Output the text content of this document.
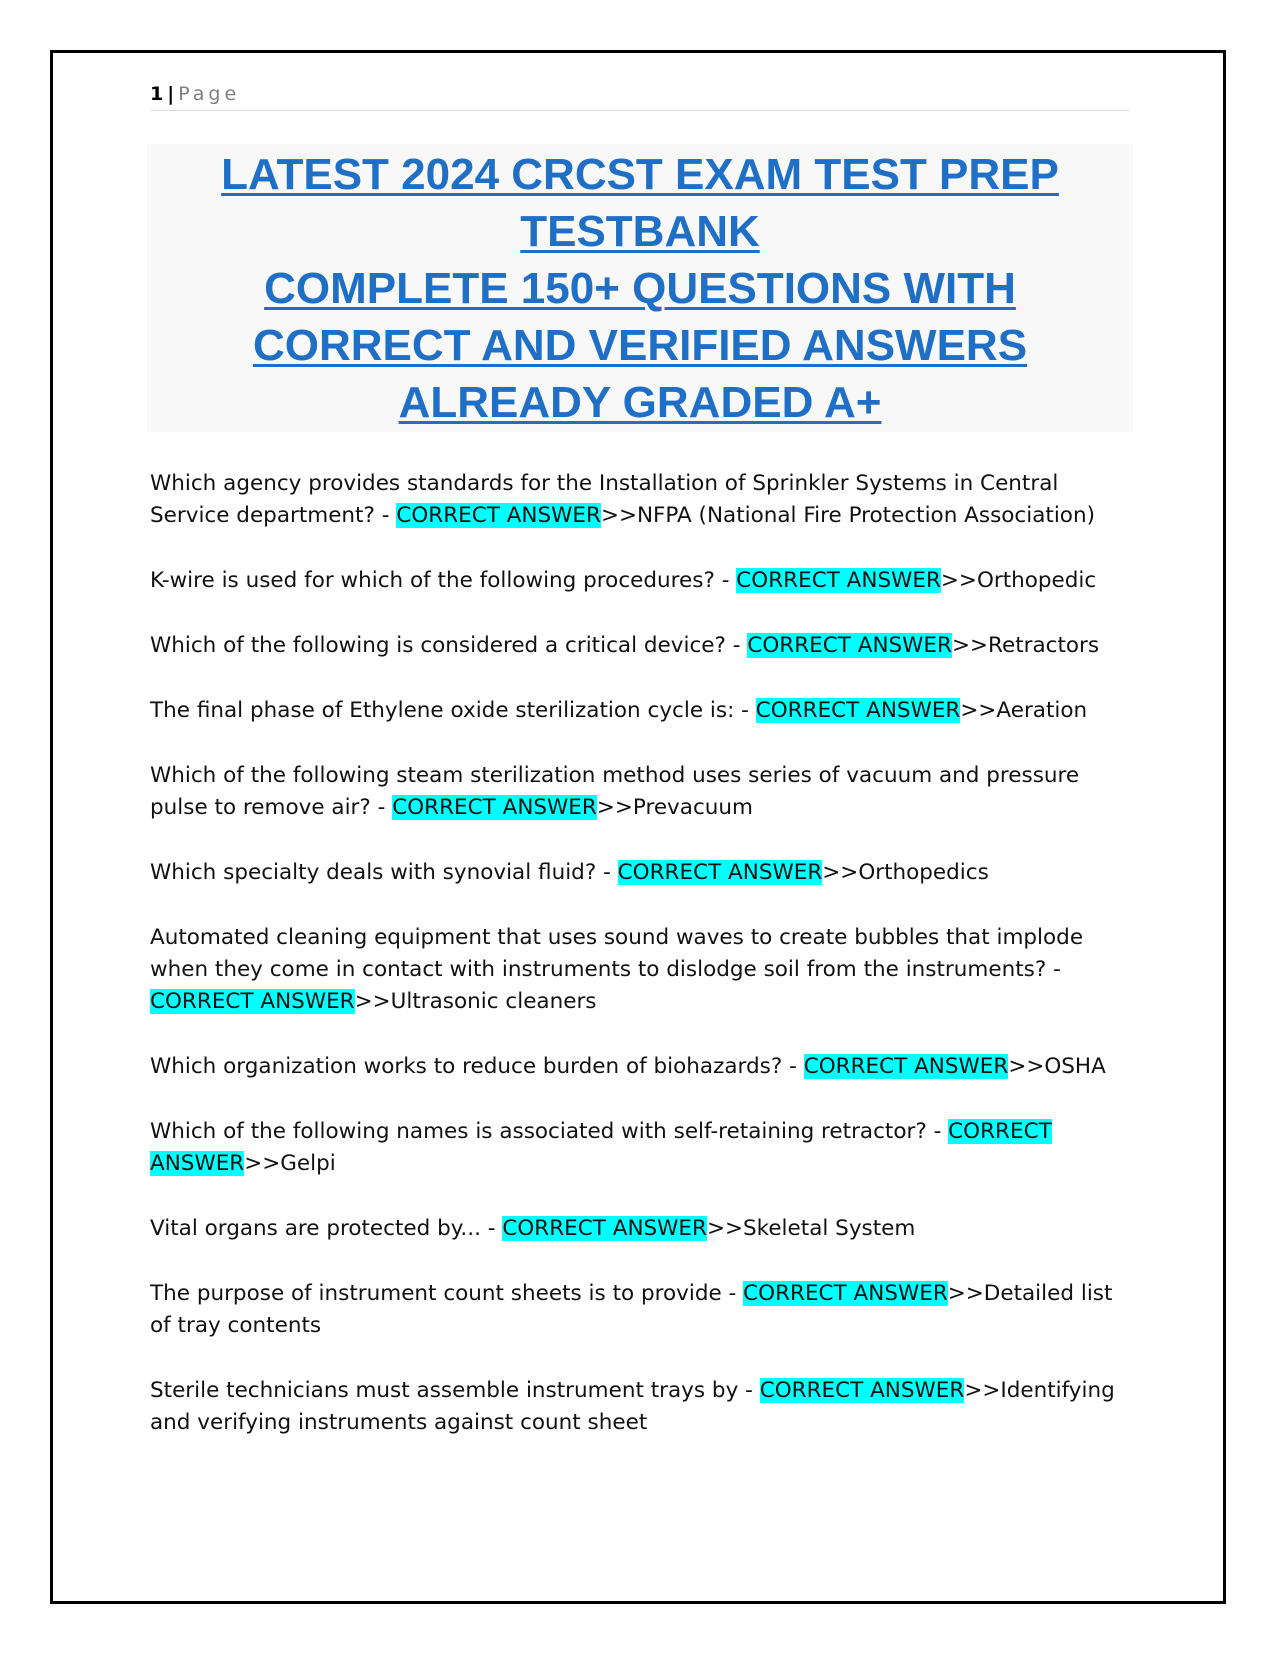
1 | Page
LATEST 2024 CRCST EXAM TEST PREP
TESTBANK
COMPLETE 150+ QUESTIONS WITH
CORRECT AND VERIFIED ANSWERS
ALREADY GRADED A+

Which agency provides standards for the Installation of Sprinkler Systems in Central Service department? - CORRECT ANSWER>>NFPA (National Fire Protection Association)

K-wire is used for which of the following procedures? - CORRECT ANSWER>>Orthopedic

Which of the following is considered a critical device? - CORRECT ANSWER>>Retractors

The final phase of Ethylene oxide sterilization cycle is: - CORRECT ANSWER>>Aeration

Which of the following steam sterilization method uses series of vacuum and pressure pulse to remove air? - CORRECT ANSWER>>Prevacuum

Which specialty deals with synovial fluid? - CORRECT ANSWER>>Orthopedics

Automated cleaning equipment that uses sound waves to create bubbles that implode when they come in contact with instruments to dislodge soil from the instruments? - CORRECT ANSWER>>Ultrasonic cleaners

Which organization works to reduce burden of biohazards? - CORRECT ANSWER>>OSHA

Which of the following names is associated with self-retaining retractor? - CORRECT ANSWER>>Gelpi

Vital organs are protected by... - CORRECT ANSWER>>Skeletal System

The purpose of instrument count sheets is to provide - CORRECT ANSWER>>Detailed list of tray contents

Sterile technicians must assemble instrument trays by - CORRECT ANSWER>>Identifying and verifying instruments against count sheet
